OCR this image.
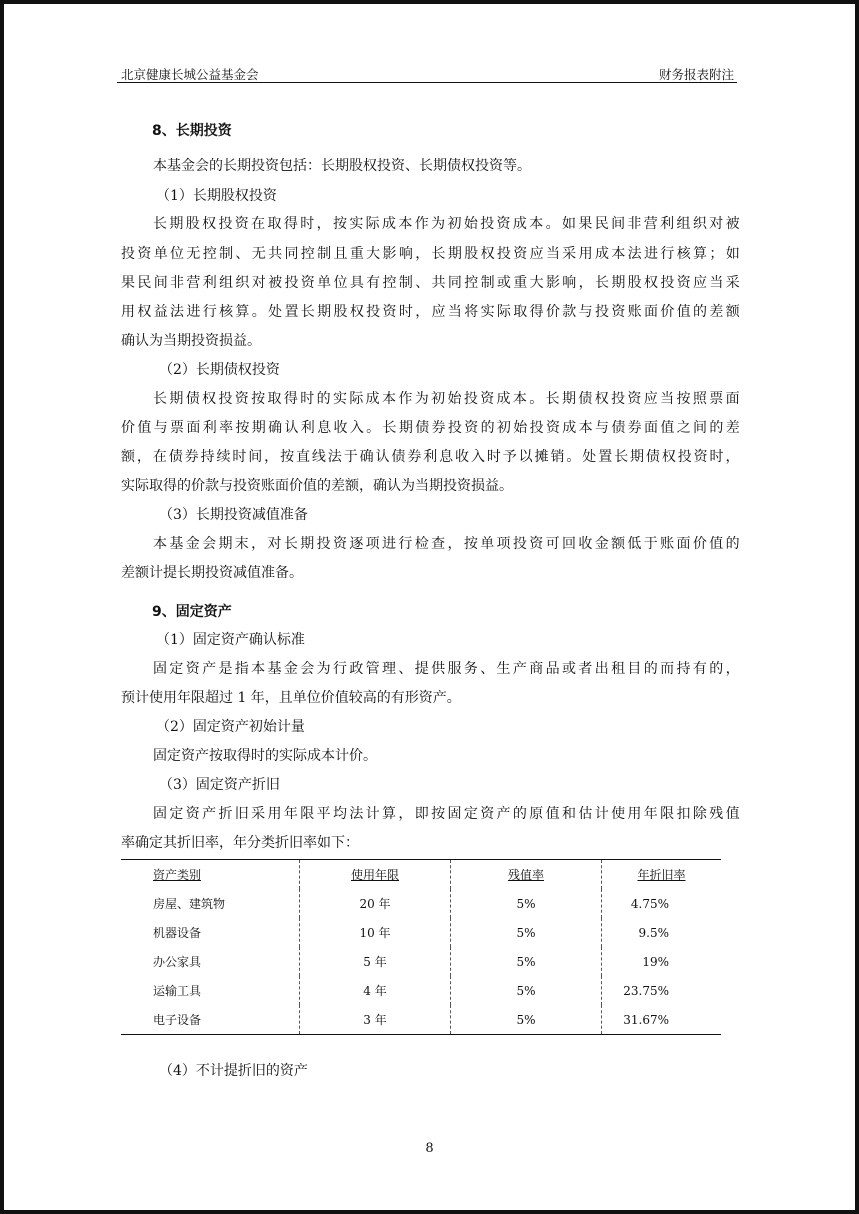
北京健康长城公益基金会	财务报表附注
8、长期投资
本基金会的长期投资包括：长期股权投资、长期债权投资等。
（1）长期股权投资
长 期 股 权 投 资 在 取 得 时 ， 按 实 际 成 本 作 为 初 始 投 资 成 本 。 如 果 民 间 非 营 利 组 织 对 被
投 资 单 位 无 控 制 、 无 共 同 控 制 且 重 大 影 响 ， 长 期 股 权 投 资 应 当 采 用 成 本 法 进 行 核 算 ； 如
果 民 间 非 营 利 组 织 对 被 投 资 单 位 具 有 控 制 、 共 同 控 制 或 重 大 影 响 ， 长 期 股 权 投 资 应 当 采
用 权 益 法 进 行 核 算 。 处 置 长 期 股 权 投 资 时 ， 应 当 将 实 际 取 得 价 款 与 投 资 账 面 价 值 的 差 额
确认为当期投资损益。
（2）长期债权投资
长 期 债 权 投 资 按 取 得 时 的 实 际 成 本 作 为 初 始 投 资 成 本 。 长 期 债 权 投 资 应 当 按 照 票 面
价 值 与 票 面 利 率 按 期 确 认 利 息 收 入 。 长 期 债 券 投 资 的 初 始 投 资 成 本 与 债 券 面 值 之 间 的 差
额 ， 在 债 券 持 续 时 间 ， 按 直 线 法 于 确 认 债 券 利 息 收 入 时 予 以 摊 销 。 处 置 长 期 债 权 投 资 时 ，
实际取得的价款与投资账面价值的差额，确认为当期投资损益。
（3）长期投资减值准备
本 基 金 会 期 末 ， 对 长 期 投 资 逐 项 进 行 检 查 ， 按 单 项 投 资 可 回 收 金 额 低 于 账 面 价 值 的
差额计提长期投资减值准备。
9、固定资产
（1）固定资产确认标准
固 定 资 产 是 指 本 基 金 会 为 行 政 管 理 、 提 供 服 务 、 生 产 商 品 或 者 出 租 目 的 而 持 有 的 ，
预计使用年限超过 1 年，且单位价值较高的有形资产。
（2）固定资产初始计量
固定资产按取得时的实际成本计价。
（3）固定资产折旧
固 定 资 产 折 旧 采 用 年 限 平 均 法 计 算 ， 即 按 固 定 资 产 的 原 值 和 估 计 使 用 年 限 扣 除 残 值
率确定其折旧率，年分类折旧率如下：
资产类别	使用年限	残值率	年折旧率
房屋、建筑物	20 年	5%	4.75%
机器设备	10 年	5%	9.5%
办公家具	5 年	5%	19%
运输工具	4 年	5%	23.75%
电子设备	3 年	5%	31.67%
（4）不计提折旧的资产
8
